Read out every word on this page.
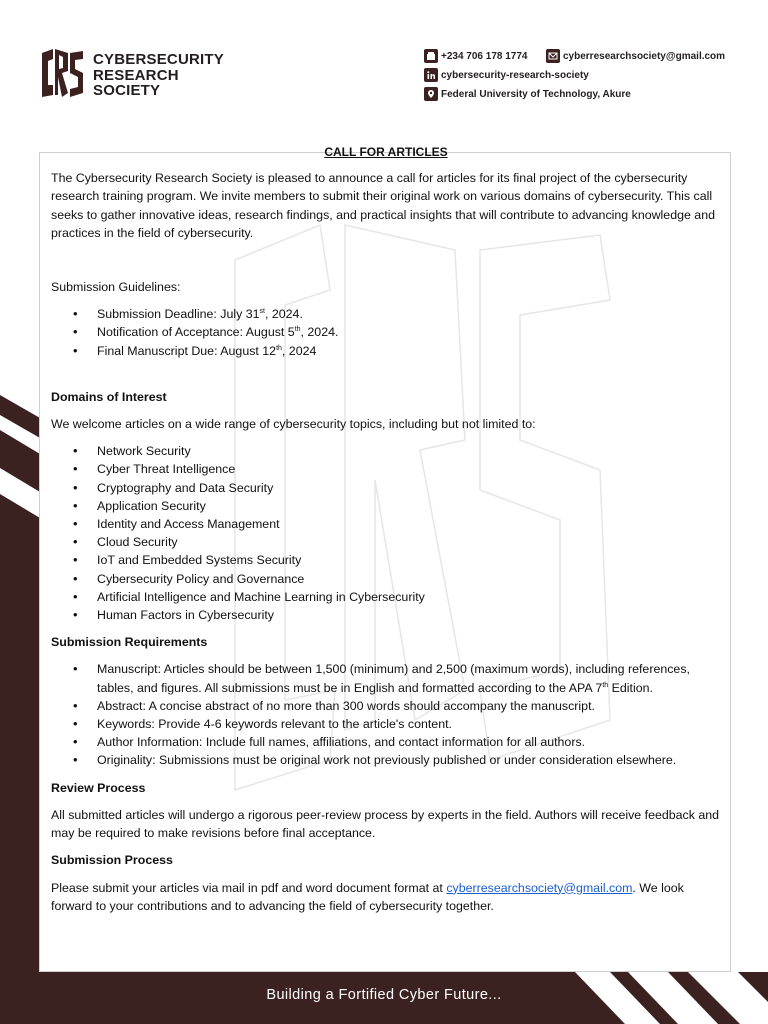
CYBERSECURITY
RESEARCH
SOCIETY
+234 706 178 1774	cyberresearchsociety@gmail.com
cybersecurity-research-society
Federal University of Technology, Akure
CALL FOR ARTICLES

The Cybersecurity Research Society is pleased to announce a call for articles for its final project of the cybersecurity research training program. We invite members to submit their original work on various domains of cybersecurity. This call seeks to gather innovative ideas, research findings, and practical insights that will contribute to advancing knowledge and practices in the field of cybersecurity.

Submission Guidelines:

• Submission Deadline: July 31st, 2024.
• Notification of Acceptance: August 5th, 2024.
• Final Manuscript Due: August 12th, 2024

Domains of Interest

We welcome articles on a wide range of cybersecurity topics, including but not limited to:

• Network Security
• Cyber Threat Intelligence
• Cryptography and Data Security
• Application Security
• Identity and Access Management
• Cloud Security
• IoT and Embedded Systems Security
• Cybersecurity Policy and Governance
• Artificial Intelligence and Machine Learning in Cybersecurity
• Human Factors in Cybersecurity

Submission Requirements

• Manuscript: Articles should be between 1,500 (minimum) and 2,500 (maximum words), including references, tables, and figures. All submissions must be in English and formatted according to the APA 7th Edition.
• Abstract: A concise abstract of no more than 300 words should accompany the manuscript.
• Keywords: Provide 4-6 keywords relevant to the article's content.
• Author Information: Include full names, affiliations, and contact information for all authors.
• Originality: Submissions must be original work not previously published or under consideration elsewhere.

Review Process

All submitted articles will undergo a rigorous peer-review process by experts in the field. Authors will receive feedback and may be required to make revisions before final acceptance.

Submission Process

Please submit your articles via mail in pdf and word document format at cyberresearchsociety@gmail.com. We look forward to your contributions and to advancing the field of cybersecurity together.

Building a Fortified Cyber Future...
